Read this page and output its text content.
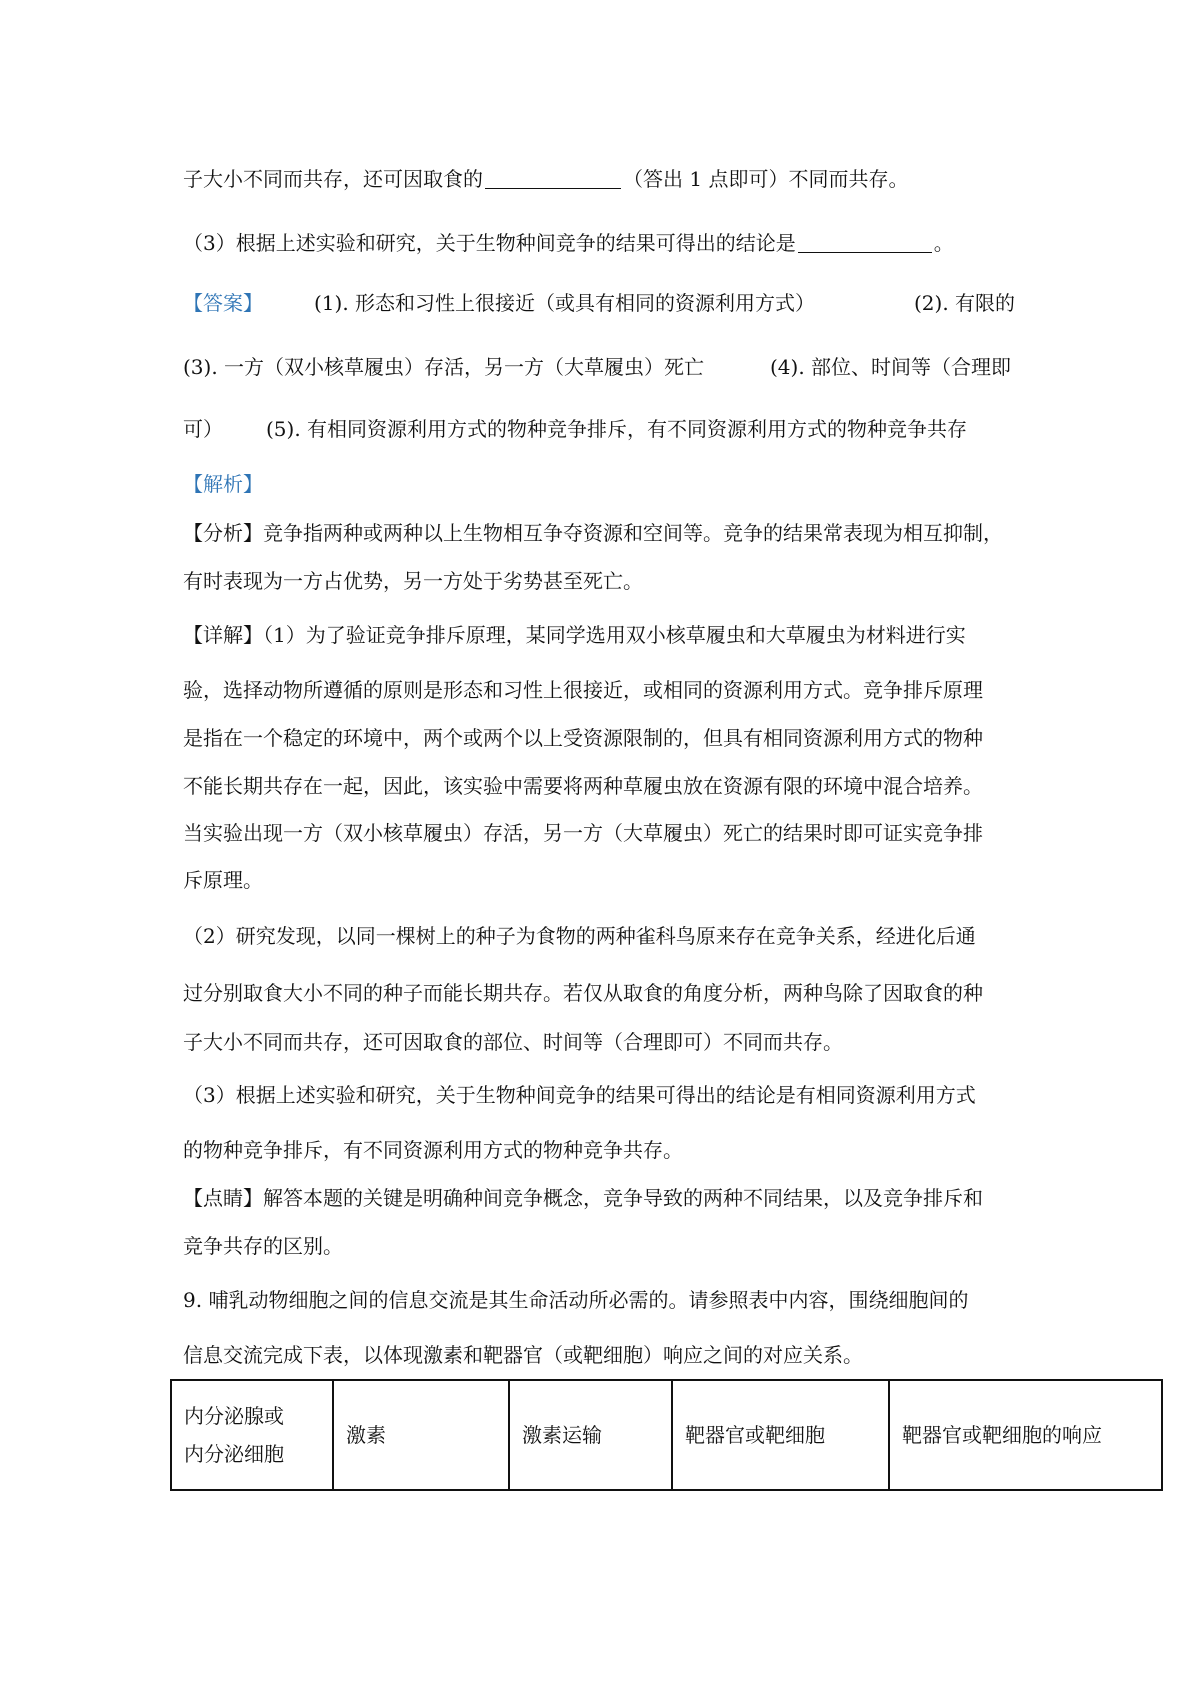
子大小不同而共存，还可因取食的	（答出 1 点即可）不同而共存。
（3）根据上述实验和研究，关于生物种间竞争的结果可得出的结论是	。
【答案】	(1). 形态和习性上很接近（或具有相同的资源利用方式）	(2). 有限的
(3). 一方（双小核草履虫）存活，另一方（大草履虫）死亡	(4). 部位、时间等（合理即
可） (5). 有相同资源利用方式的物种竞争排斥，有不同资源利用方式的物种竞争共存
【解析】
【分析】竞争指两种或两种以上生物相互争夺资源和空间等。竞争的结果常表现为相互抑制，
有时表现为一方占优势，另一方处于劣势甚至死亡。
【详解】（1）为了验证竞争排斥原理，某同学选用双小核草履虫和大草履虫为材料进行实
验，选择动物所遵循的原则是形态和习性上很接近，或相同的资源利用方式。竞争排斥原理
是指在一个稳定的环境中，两个或两个以上受资源限制的，但具有相同资源利用方式的物种
不能长期共存在一起，因此，该实验中需要将两种草履虫放在资源有限的环境中混合培养。
当实验出现一方（双小核草履虫）存活，另一方（大草履虫）死亡的结果时即可证实竞争排
斥原理。
（2）研究发现，以同一棵树上的种子为食物的两种雀科鸟原来存在竞争关系，经进化后通
过分别取食大小不同的种子而能长期共存。若仅从取食的角度分析，两种鸟除了因取食的种
子大小不同而共存，还可因取食的部位、时间等（合理即可）不同而共存。
（3）根据上述实验和研究，关于生物种间竞争的结果可得出的结论是有相同资源利用方式
的物种竞争排斥，有不同资源利用方式的物种竞争共存。
【点睛】解答本题的关键是明确种间竞争概念，竞争导致的两种不同结果，以及竞争排斥和
竞争共存的区别。
9. 哺乳动物细胞之间的信息交流是其生命活动所必需的。请参照表中内容，围绕细胞间的
信息交流完成下表，以体现激素和靶器官（或靶细胞）响应之间的对应关系。
内分泌腺或
内分泌细胞	激素	激素运输	靶器官或靶细胞	靶器官或靶细胞的响应
